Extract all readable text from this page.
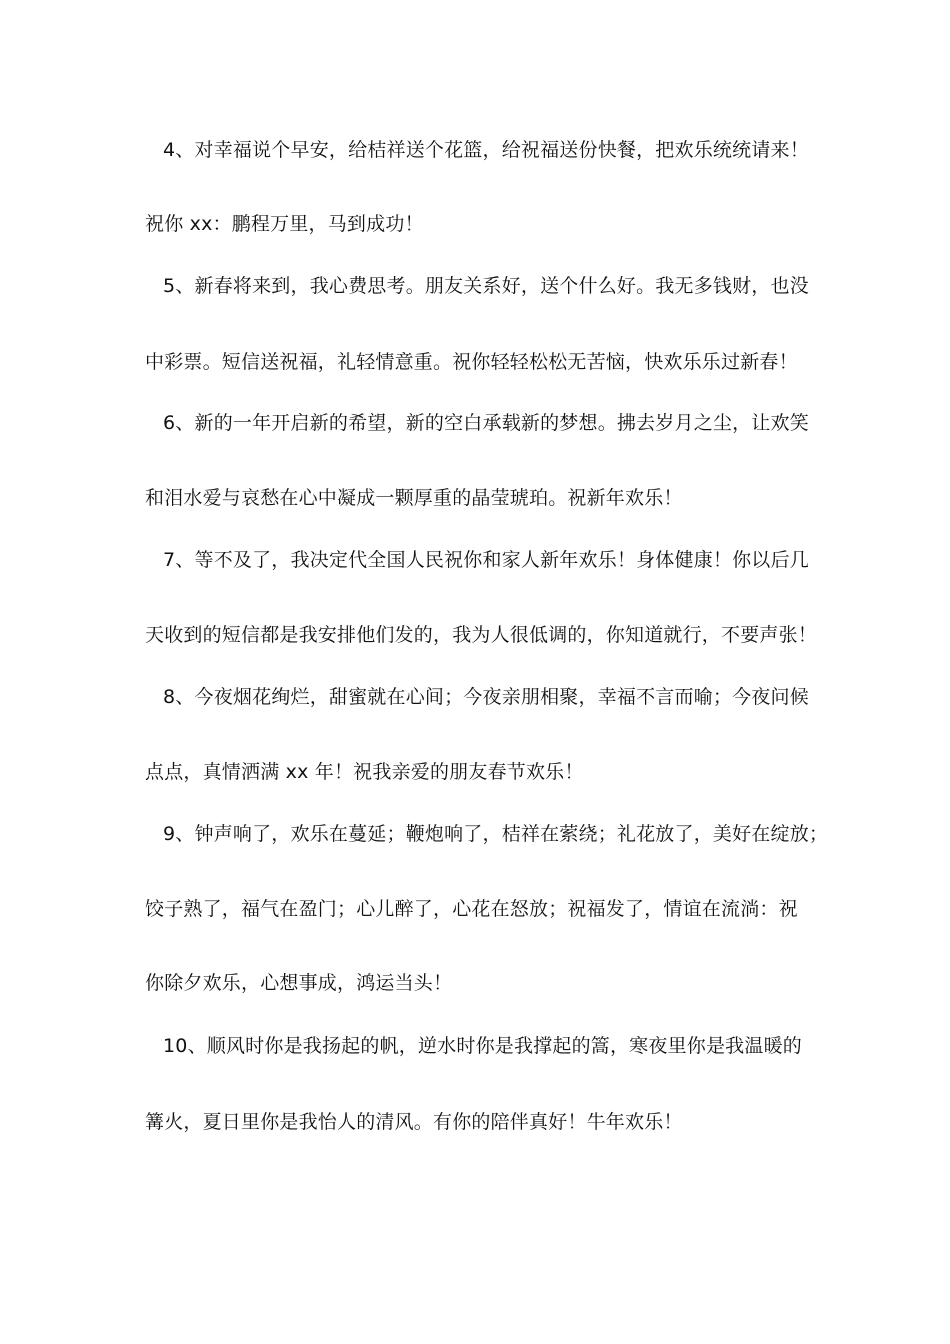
4、对幸福说个早安，给桔祥送个花篮，给祝福送份快餐，把欢乐统统请来！
祝你 xx：鹏程万里，马到成功！
5、新春将来到，我心费思考。朋友关系好，送个什么好。我无多钱财，也没
中彩票。短信送祝福，礼轻情意重。祝你轻轻松松无苦恼，快欢乐乐过新春！
6、新的一年开启新的希望，新的空白承载新的梦想。拂去岁月之尘，让欢笑
和泪水爱与哀愁在心中凝成一颗厚重的晶莹琥珀。祝新年欢乐！
7、等不及了，我决定代全国人民祝你和家人新年欢乐！身体健康！你以后几
天收到的短信都是我安排他们发的，我为人很低调的，你知道就行，不要声张！
8、今夜烟花绚烂，甜蜜就在心间；今夜亲朋相聚，幸福不言而喻；今夜问候
点点，真情洒满 xx 年！祝我亲爱的朋友春节欢乐！
9、钟声响了，欢乐在蔓延；鞭炮响了，桔祥在萦绕；礼花放了，美好在绽放；
饺子熟了，福气在盈门；心儿醉了，心花在怒放；祝福发了，情谊在流淌：祝
你除夕欢乐，心想事成，鸿运当头！
10、顺风时你是我扬起的帆，逆水时你是我撑起的篙，寒夜里你是我温暖的
篝火，夏日里你是我怡人的清风。有你的陪伴真好！牛年欢乐！
